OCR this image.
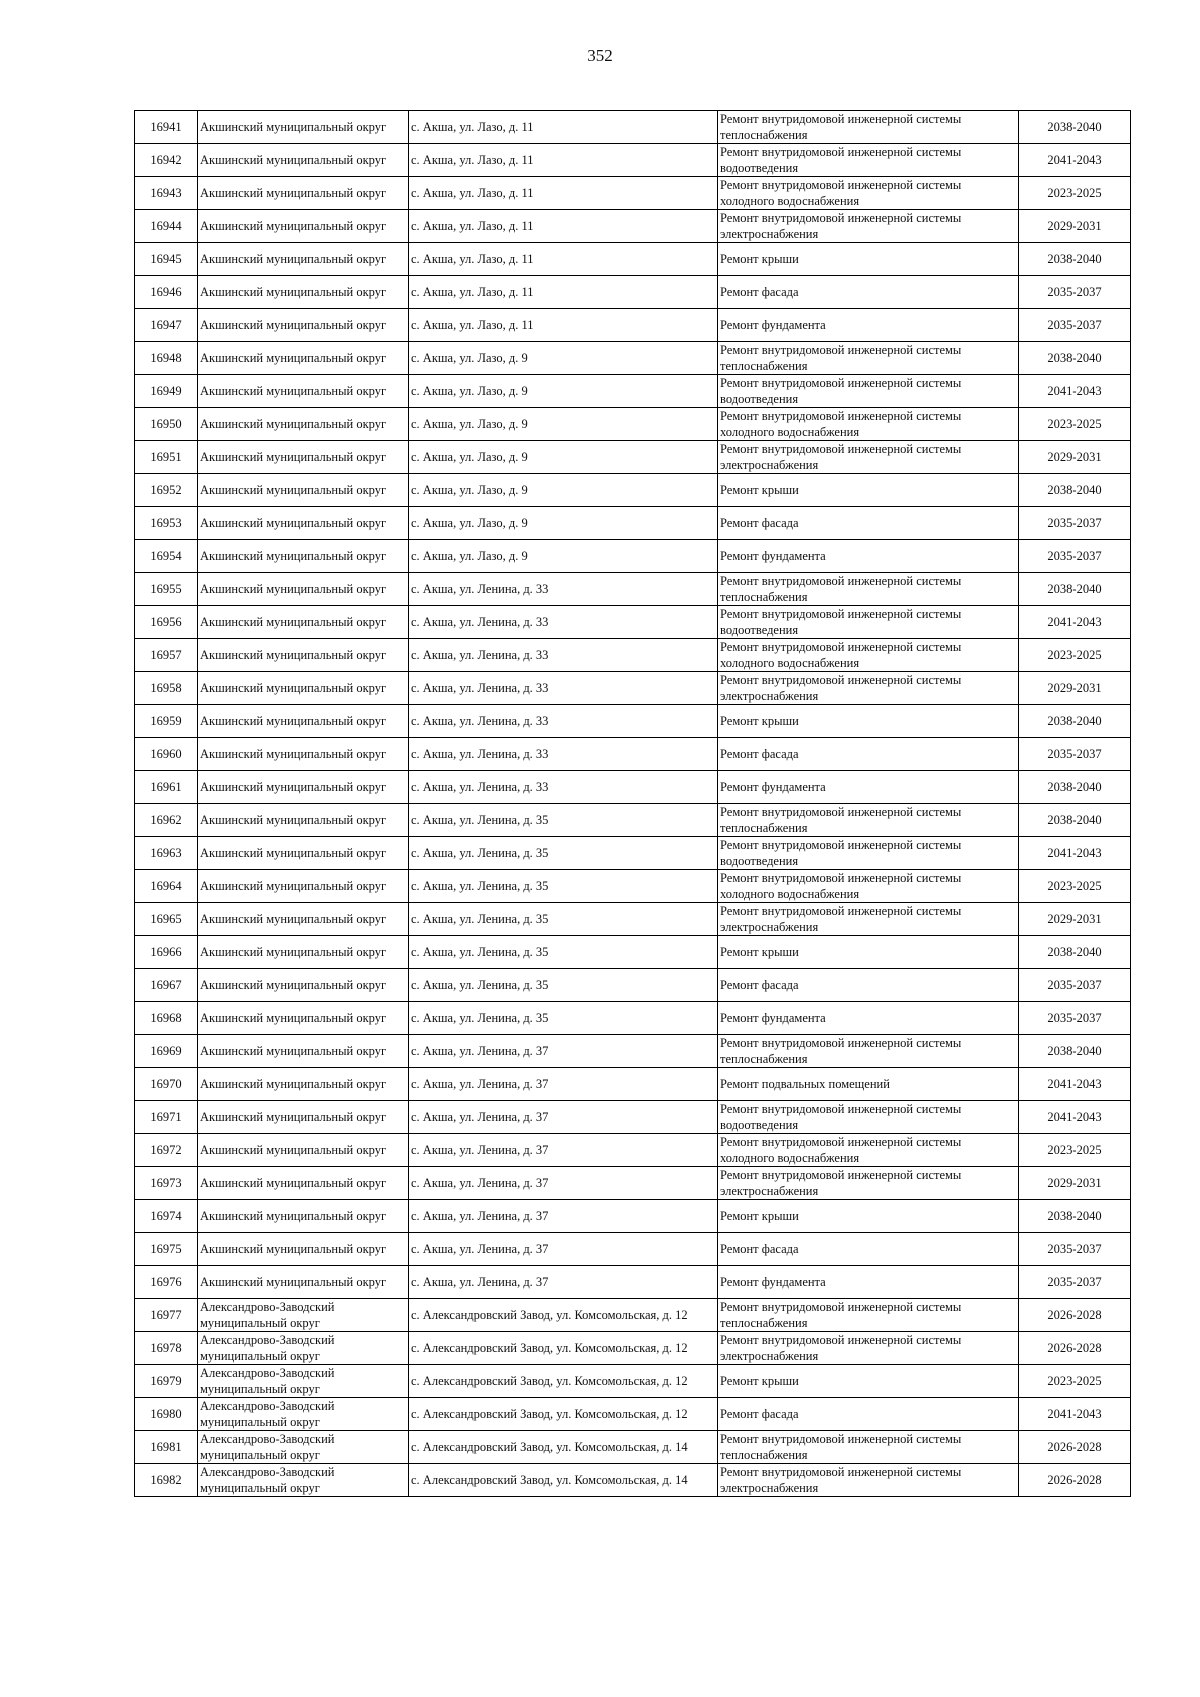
352
16941	Акшинский муниципальный округ	с. Акша, ул. Лазо, д. 11	Ремонт внутридомовой инженерной системы теплоснабжения	2038-2040
16942	Акшинский муниципальный округ	с. Акша, ул. Лазо, д. 11	Ремонт внутридомовой инженерной системы водоотведения	2041-2043
16943	Акшинский муниципальный округ	с. Акша, ул. Лазо, д. 11	Ремонт внутридомовой инженерной системы холодного водоснабжения	2023-2025
16944	Акшинский муниципальный округ	с. Акша, ул. Лазо, д. 11	Ремонт внутридомовой инженерной системы электроснабжения	2029-2031
16945	Акшинский муниципальный округ	с. Акша, ул. Лазо, д. 11	Ремонт крыши	2038-2040
16946	Акшинский муниципальный округ	с. Акша, ул. Лазо, д. 11	Ремонт фасада	2035-2037
16947	Акшинский муниципальный округ	с. Акша, ул. Лазо, д. 11	Ремонт фундамента	2035-2037
16948	Акшинский муниципальный округ	с. Акша, ул. Лазо, д. 9	Ремонт внутридомовой инженерной системы теплоснабжения	2038-2040
16949	Акшинский муниципальный округ	с. Акша, ул. Лазо, д. 9	Ремонт внутридомовой инженерной системы водоотведения	2041-2043
16950	Акшинский муниципальный округ	с. Акша, ул. Лазо, д. 9	Ремонт внутридомовой инженерной системы холодного водоснабжения	2023-2025
16951	Акшинский муниципальный округ	с. Акша, ул. Лазо, д. 9	Ремонт внутридомовой инженерной системы электроснабжения	2029-2031
16952	Акшинский муниципальный округ	с. Акша, ул. Лазо, д. 9	Ремонт крыши	2038-2040
16953	Акшинский муниципальный округ	с. Акша, ул. Лазо, д. 9	Ремонт фасада	2035-2037
16954	Акшинский муниципальный округ	с. Акша, ул. Лазо, д. 9	Ремонт фундамента	2035-2037
16955	Акшинский муниципальный округ	с. Акша, ул. Ленина, д. 33	Ремонт внутридомовой инженерной системы теплоснабжения	2038-2040
16956	Акшинский муниципальный округ	с. Акша, ул. Ленина, д. 33	Ремонт внутридомовой инженерной системы водоотведения	2041-2043
16957	Акшинский муниципальный округ	с. Акша, ул. Ленина, д. 33	Ремонт внутридомовой инженерной системы холодного водоснабжения	2023-2025
16958	Акшинский муниципальный округ	с. Акша, ул. Ленина, д. 33	Ремонт внутридомовой инженерной системы электроснабжения	2029-2031
16959	Акшинский муниципальный округ	с. Акша, ул. Ленина, д. 33	Ремонт крыши	2038-2040
16960	Акшинский муниципальный округ	с. Акша, ул. Ленина, д. 33	Ремонт фасада	2035-2037
16961	Акшинский муниципальный округ	с. Акша, ул. Ленина, д. 33	Ремонт фундамента	2038-2040
16962	Акшинский муниципальный округ	с. Акша, ул. Ленина, д. 35	Ремонт внутридомовой инженерной системы теплоснабжения	2038-2040
16963	Акшинский муниципальный округ	с. Акша, ул. Ленина, д. 35	Ремонт внутридомовой инженерной системы водоотведения	2041-2043
16964	Акшинский муниципальный округ	с. Акша, ул. Ленина, д. 35	Ремонт внутридомовой инженерной системы холодного водоснабжения	2023-2025
16965	Акшинский муниципальный округ	с. Акша, ул. Ленина, д. 35	Ремонт внутридомовой инженерной системы электроснабжения	2029-2031
16966	Акшинский муниципальный округ	с. Акша, ул. Ленина, д. 35	Ремонт крыши	2038-2040
16967	Акшинский муниципальный округ	с. Акша, ул. Ленина, д. 35	Ремонт фасада	2035-2037
16968	Акшинский муниципальный округ	с. Акша, ул. Ленина, д. 35	Ремонт фундамента	2035-2037
16969	Акшинский муниципальный округ	с. Акша, ул. Ленина, д. 37	Ремонт внутридомовой инженерной системы теплоснабжения	2038-2040
16970	Акшинский муниципальный округ	с. Акша, ул. Ленина, д. 37	Ремонт подвальных помещений	2041-2043
16971	Акшинский муниципальный округ	с. Акша, ул. Ленина, д. 37	Ремонт внутридомовой инженерной системы водоотведения	2041-2043
16972	Акшинский муниципальный округ	с. Акша, ул. Ленина, д. 37	Ремонт внутридомовой инженерной системы холодного водоснабжения	2023-2025
16973	Акшинский муниципальный округ	с. Акша, ул. Ленина, д. 37	Ремонт внутридомовой инженерной системы электроснабжения	2029-2031
16974	Акшинский муниципальный округ	с. Акша, ул. Ленина, д. 37	Ремонт крыши	2038-2040
16975	Акшинский муниципальный округ	с. Акша, ул. Ленина, д. 37	Ремонт фасада	2035-2037
16976	Акшинский муниципальный округ	с. Акша, ул. Ленина, д. 37	Ремонт фундамента	2035-2037
16977	Александрово-Заводский муниципальный округ	с. Александровский Завод, ул. Комсомольская, д. 12	Ремонт внутридомовой инженерной системы теплоснабжения	2026-2028
16978	Александрово-Заводский муниципальный округ	с. Александровский Завод, ул. Комсомольская, д. 12	Ремонт внутридомовой инженерной системы электроснабжения	2026-2028
16979	Александрово-Заводский муниципальный округ	с. Александровский Завод, ул. Комсомольская, д. 12	Ремонт крыши	2023-2025
16980	Александрово-Заводский муниципальный округ	с. Александровский Завод, ул. Комсомольская, д. 12	Ремонт фасада	2041-2043
16981	Александрово-Заводский муниципальный округ	с. Александровский Завод, ул. Комсомольская, д. 14	Ремонт внутридомовой инженерной системы теплоснабжения	2026-2028
16982	Александрово-Заводский муниципальный округ	с. Александровский Завод, ул. Комсомольская, д. 14	Ремонт внутридомовой инженерной системы электроснабжения	2026-2028
